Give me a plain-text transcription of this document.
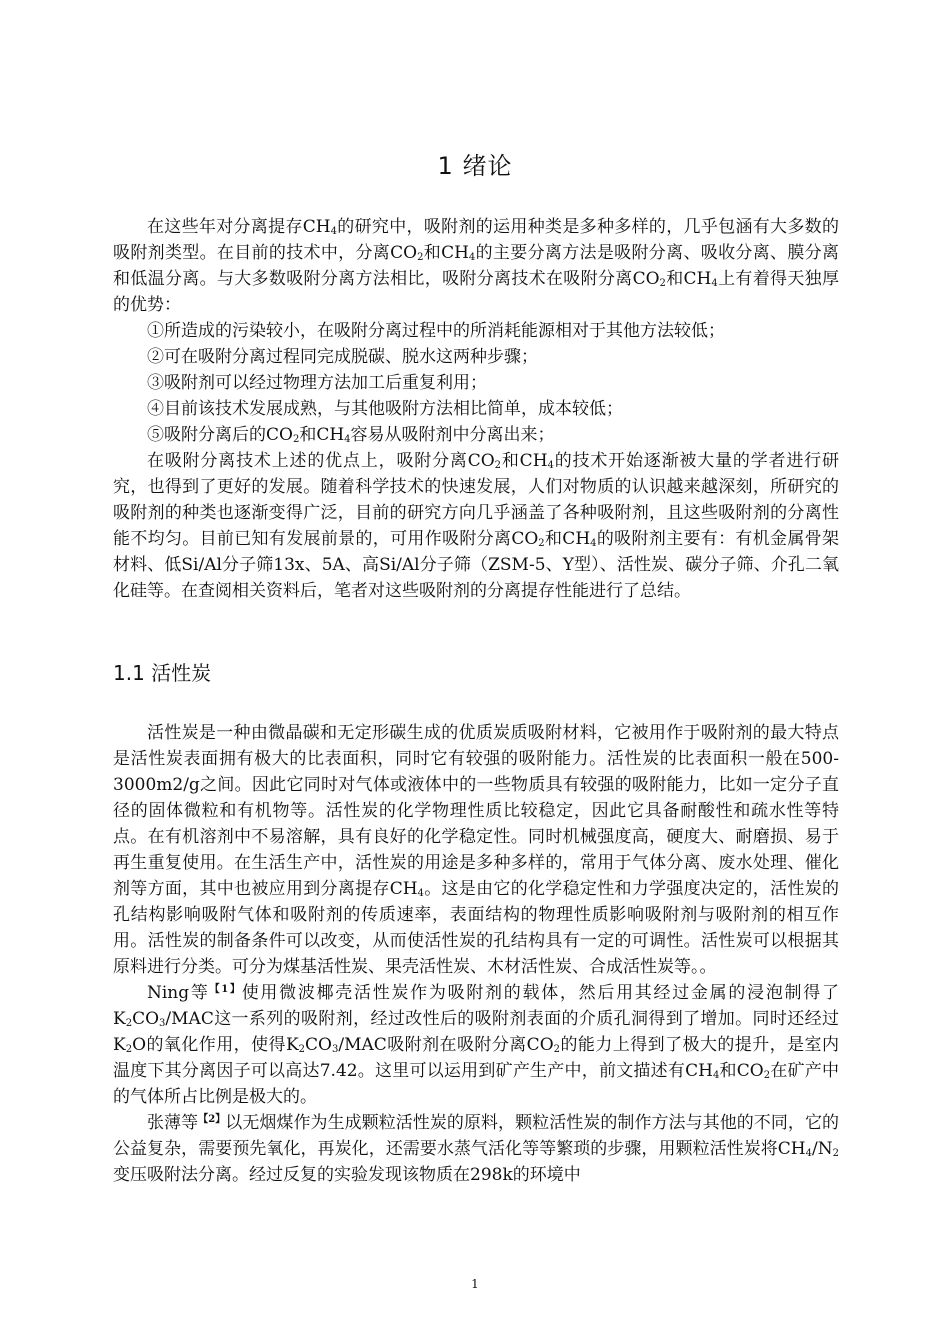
1 绪论

在这些年对分离提存$CH_4$的研究中，吸附剂的运用种类是多种多样的，几乎包涵有大多数的吸附剂类型。在目前的技术中，分离$CO_2$和$CH_4$的主要分离方法是吸附分离、吸收分离、膜分离和低温分离。与大多数吸附分离方法相比，吸附分离技术在吸附分离$CO_2$和$CH_4$上有着得天独厚的优势：

①所造成的污染较小，在吸附分离过程中的所消耗能源相对于其他方法较低；

②可在吸附分离过程同完成脱碳、脱水这两种步骤；

③吸附剂可以经过物理方法加工后重复利用；

④目前该技术发展成熟，与其他吸附方法相比简单，成本较低；

⑤吸附分离后的$CO_2$和$CH_4$容易从吸附剂中分离出来；

在吸附分离技术上述的优点上，吸附分离$CO_2$和$CH_4$的技术开始逐渐被大量的学者进行研究，也得到了更好的发展。随着科学技术的快速发展，人们对物质的认识越来越深刻，所研究的吸附剂的种类也逐渐变得广泛，目前的研究方向几乎涵盖了各种吸附剂，且这些吸附剂的分离性能不均匀。目前已知有发展前景的，可用作吸附分离$CO_2$和$CH_4$的吸附剂主要有：有机金属骨架材料、低Si/Al分子筛13x、5A、高Si/Al分子筛（ZSM-5、Y型）、活性炭、碳分子筛、介孔二氧化硅等。在查阅相关资料后，笔者对这些吸附剂的分离提存性能进行了总结。

1.1 活性炭

活性炭是一种由微晶碳和无定形碳生成的优质炭质吸附材料，它被用作于吸附剂的最大特点是活性炭表面拥有极大的比表面积，同时它有较强的吸附能力。活性炭的比表面积一般在500-3000m2/g之间。因此它同时对气体或液体中的一些物质具有较强的吸附能力，比如一定分子直径的固体微粒和有机物等。活性炭的化学物理性质比较稳定，因此它具备耐酸性和疏水性等特点。在有机溶剂中不易溶解，具有良好的化学稳定性。同时机械强度高，硬度大、耐磨损、易于再生重复使用。在生活生产中，活性炭的用途是多种多样的，常用于气体分离、废水处理、催化剂等方面，其中也被应用到分离提存$CH_4$。这是由它的化学稳定性和力学强度决定的，活性炭的孔结构影响吸附气体和吸附剂的传质速率，表面结构的物理性质影响吸附剂与吸附剂的相互作用。活性炭的制备条件可以改变，从而使活性炭的孔结构具有一定的可调性。活性炭可以根据其原料进行分类。可分为煤基活性炭、果壳活性炭、木材活性炭、合成活性炭等。。

Ning等$^{【1】}$使用微波椰壳活性炭作为吸附剂的载体，然后用其经过金属的浸泡制得了$K_2CO_3$/MAC这一系列的吸附剂，经过改性后的吸附剂表面的介质孔洞得到了增加。同时还经过$K_2O$的氧化作用，使得$K_2CO_3$/MAC吸附剂在吸附分离$CO_2$的能力上得到了极大的提升，是室内温度下其分离因子可以高达7.42。这里可以运用到矿产生产中，前文描述有$CH_4$和$CO_2$在矿产中的气体所占比例是极大的。

张薄等$^{【2】}$以无烟煤作为生成颗粒活性炭的原料，颗粒活性炭的制作方法与其他的不同，它的公益复杂，需要预先氧化，再炭化，还需要水蒸气活化等等繁琐的步骤，用颗粒活性炭将$CH_4/N_2$变压吸附法分离。经过反复的实验发现该物质在298k的环境中

1
